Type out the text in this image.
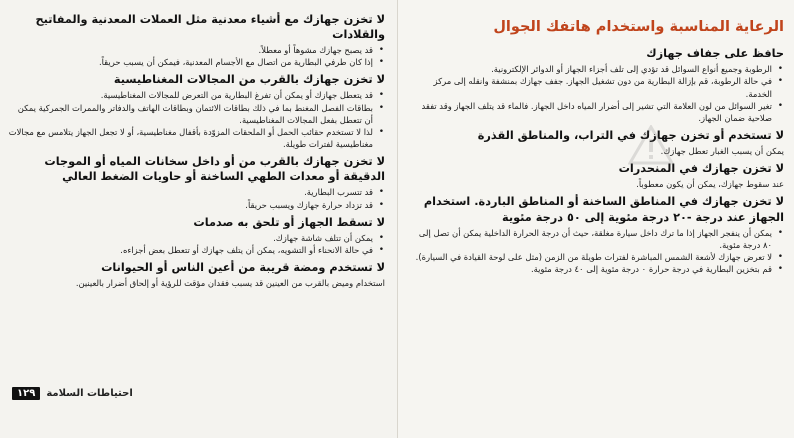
لا تخزن جهازك مع أشياء معدنية مثل العملات المعدنية والمفاتيح والقلادات
• قد يصبح جهازك مشوهاً أو معطلاً.
• إذا كان طرفي البطارية من اتصال مع الأجسام المعدنية، فيمكن أن يسبب حريقاً.
لا تخزن جهازك بالقرب من المجالات المغناطيسية
• قد يتعطل جهازك أو يمكن أن تفرغ البطارية من التعرض للمجالات المغناطيسية.
• بطاقات الفصل المغنط بما في ذلك بطاقات الائتمان وبطاقات الهاتف والدفاتر والممرات الجمركية يمكن أن تتعطل بفعل المجالات المغناطيسية.
• لذا لا تستخدم حقائب الحمل أو الملحقات المزوّدة بأقفال مغناطيسية، أو لا تجعل الجهاز يتلامس مع مجالات مغناطيسية لفترات طويلة.
لا تخزن جهازك بالقرب من أو داخل سخانات المياه أو الموجات الدقيقة أو معدات الطهي الساخنة أو حاويات الضغط العالي
• قد تتسرب البطارية.
• قد تزداد حرارة جهازك ويسبب حريقاً.
لا تسقط الجهاز أو تلحق به صدمات
• يمكن أن تتلف شاشة جهازك.
• في حالة الانحناء أو التشويه، يمكن أن يتلف جهازك أو تتعطل بعض أجزاءه.
لا تستخدم ومضة قريبة من أعين الناس أو الحيوانات

استخدام وميض بالقرب من العينين قد يسبب فقدان مؤقت للرؤية أو إلحاق أضرار بالعينين.

احتياطات السلامة
١٢٩
الرعاية المناسبة واستخدام هاتفك الجوال
حافظ على جفاف جهازك
• الرطوبة وجميع أنواع السوائل قد تؤدي إلى تلف أجزاء الجهاز أو الدوائر الإلكترونية.
• في حالة الرطوبة، قم بإزالة البطارية من دون تشغيل الجهاز. جفف جهازك بمنشفة وانقله إلى مركز الخدمة.
• تغير السوائل من لون العلامة التي تشير إلى أضرار المياه داخل الجهاز. فالماء قد يتلف الجهاز وقد تفقد صلاحية ضمان الجهاز.
لا تستخدم أو تخزن جهازك في التراب، والمناطق القذرة

يمكن أن يسبب الغبار تعطل جهازك.

لا تخزن جهازك في المنحدرات

عند سقوط جهازك، يمكن أن يكون معطوباً.

لا تخزن جهازك في المناطق الساخنة أو المناطق الباردة. استخدام الجهاز عند درجة -٢٠ درجة مئوية إلى ٥٠ درجة مئوية
• يمكن أن ينفجر الجهاز إذا ما ترك داخل سيارة مغلقة، حيث أن درجة الحرارة الداخلية يمكن أن تصل إلى ٨٠ درجة مئوية.
• لا تعرض جهازك لأشعة الشمس المباشرة لفترات طويلة من الزمن (مثل على لوحة القيادة في السيارة).
• قم بتخزين البطارية في درجة حرارة ٠ درجة مئوية إلى ٤٠ درجة مئوية.
